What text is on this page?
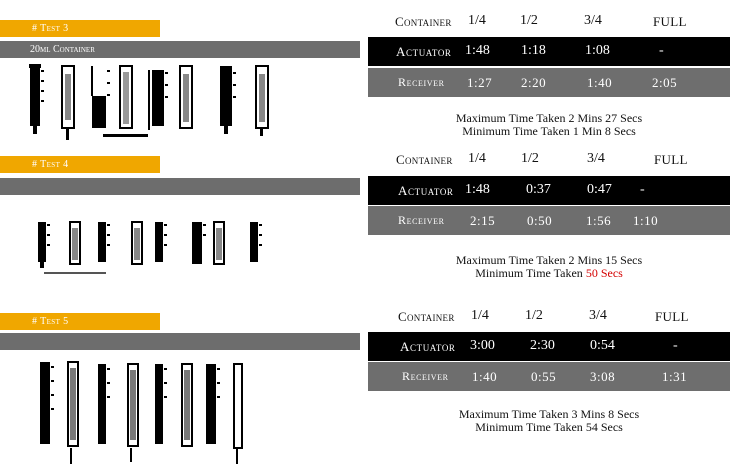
# Test 3
20ml Container
Container 1/4 1/2	3/4	FULL
Actuator 1:48 1:18	1:08	-
Receiver 1:27 2:20	1:40	2:05
Maximum Time Taken 2 Mins 27 Secs
Minimum Time Taken 1 Min 8 Secs
# Test 4	Container 1/4	1/2	3/4	FULL
Actuator 1:48	0:37	0:47 -
Receiver 2:15 0:50	1:56 1:10
Maximum Time Taken 2 Mins 15 Secs
Minimum Time Taken 50 Secs
# Test 5	Container 1/4	1/2	3/4	FULL
Actuator 3:00	2:30	0:54	-
Receiver 1:40	0:55	3:08	1:31
Maximum Time Taken 3 Mins 8 Secs
Minimum Time Taken 54 Secs
